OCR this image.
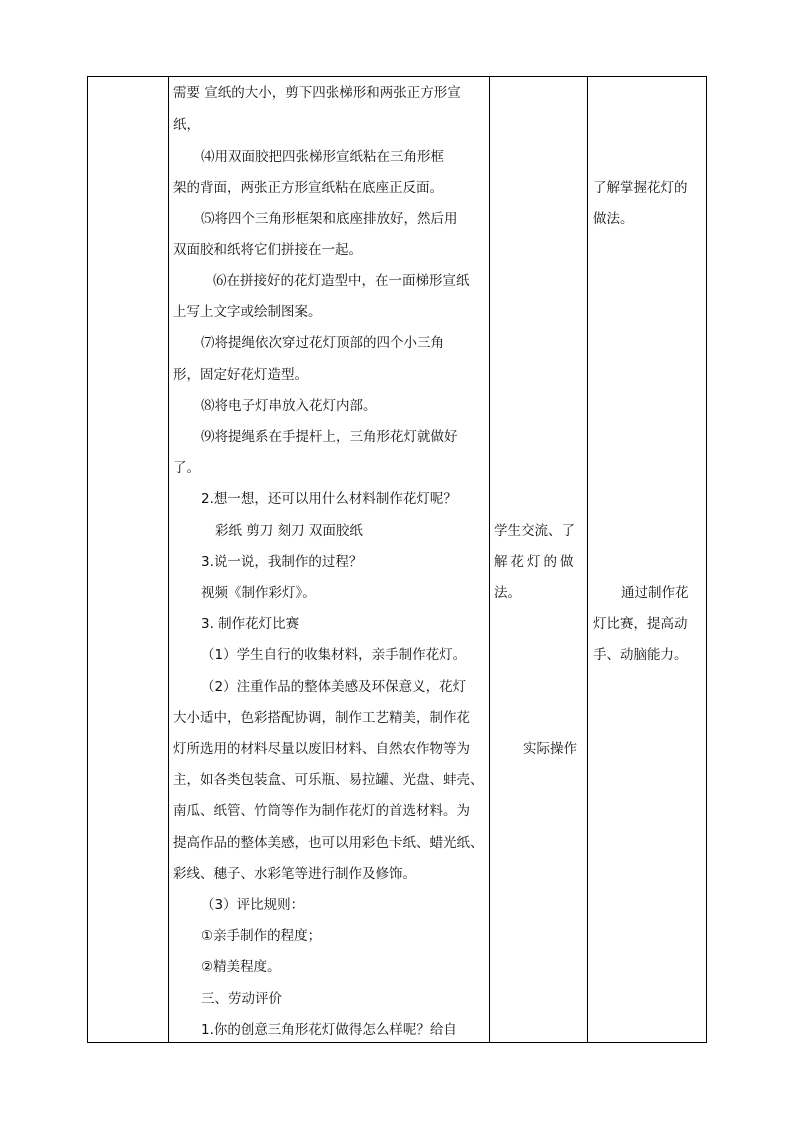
需要 宣纸的大小，剪下四张梯形和两张正方形宣
纸，
⑷用双面胶把四张梯形宣纸粘在三角形框
架的背面，两张正方形宣纸粘在底座正反面。
⑸将四个三角形框架和底座排放好，然后用
双面胶和纸将它们拼接在一起。
⑹在拼接好的花灯造型中，在一面梯形宣纸
上写上文字或绘制图案。
⑺将提绳依次穿过花灯顶部的四个小三角
形，固定好花灯造型。
⑻将电子灯串放入花灯内部。
⑼将提绳系在手提杆上，三角形花灯就做好
了。
2.想一想，还可以用什么材料制作花灯呢？
彩纸 剪刀 刻刀 双面胶纸
3.说一说，我制作的过程？
视频《制作彩灯》。
3. 制作花灯比赛
（1）学生自行的收集材料，亲手制作花灯。
（2）注重作品的整体美感及环保意义，花灯
大小适中，色彩搭配协调，制作工艺精美，制作花
灯所选用的材料尽量以废旧材料、自然农作物等为
主，如各类包装盒、可乐瓶、易拉罐、光盘、蚌壳、
南瓜、纸管、竹筒等作为制作花灯的首选材料。为
提高作品的整体美感，也可以用彩色卡纸、蜡光纸、
彩线、穗子、水彩笔等进行制作及修饰。
（3）评比规则：
①亲手制作的程度；
②精美程度。
三、劳动评价
1.你的创意三角形花灯做得怎么样呢？给自
学生交流、了
解花灯的做
法。
实际操作
了解掌握花灯的
做法。
通过制作花
灯比赛，提高动
手、动脑能力。
